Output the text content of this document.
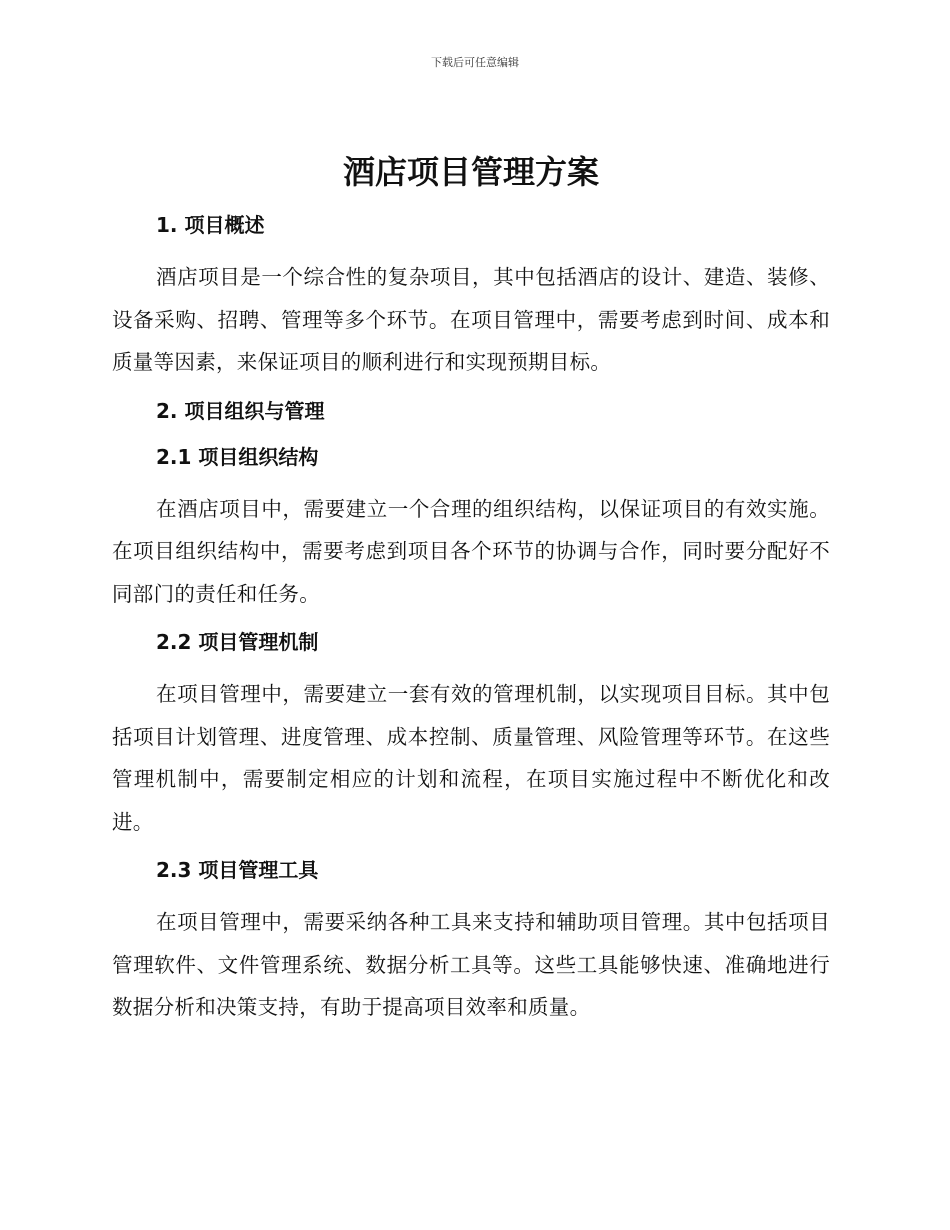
下载后可任意编辑
酒店项目管理方案
1. 项目概述

酒店项目是一个综合性的复杂项目，其中包括酒店的设计、建造、装修、设备采购、招聘、管理等多个环节。在项目管理中，需要考虑到时间、成本和质量等因素，来保证项目的顺利进行和实现预期目标。

2. 项目组织与管理
2.1 项目组织结构

在酒店项目中，需要建立一个合理的组织结构，以保证项目的有效实施。在项目组织结构中，需要考虑到项目各个环节的协调与合作，同时要分配好不同部门的责任和任务。

2.2 项目管理机制

在项目管理中，需要建立一套有效的管理机制，以实现项目目标。其中包括项目计划管理、进度管理、成本控制、质量管理、风险管理等环节。在这些管理机制中，需要制定相应的计划和流程，在项目实施过程中不断优化和改进。

2.3 项目管理工具

在项目管理中，需要采纳各种工具来支持和辅助项目管理。其中包括项目管理软件、文件管理系统、数据分析工具等。这些工具能够快速、准确地进行数据分析和决策支持，有助于提高项目效率和质量。
